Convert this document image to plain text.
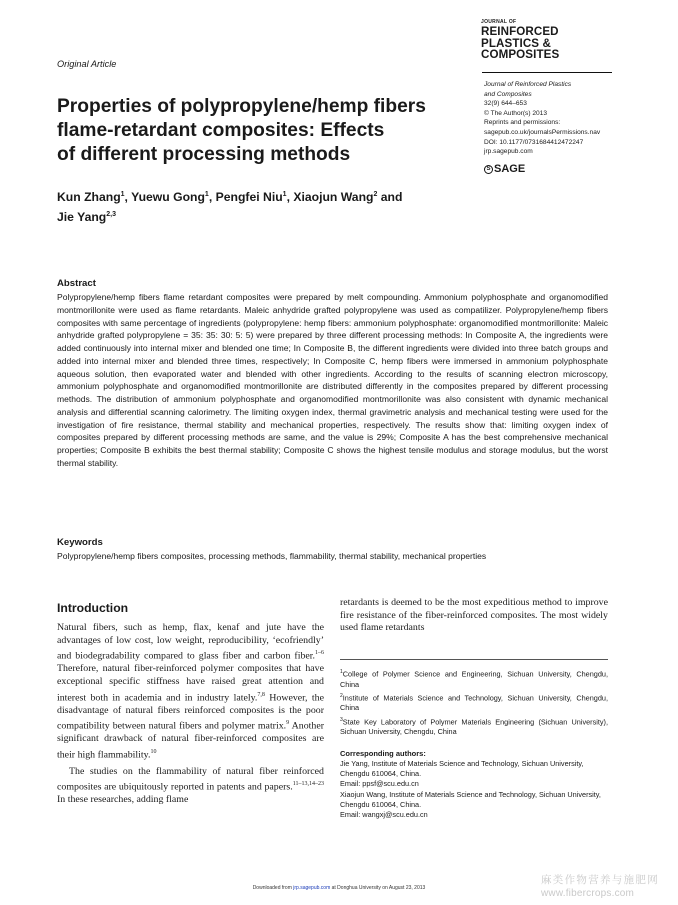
JOURNAL OF
REINFORCED
PLASTICS &
COMPOSITES
Journal of Reinforced Plastics
and Composites
32(9) 644–653
© The Author(s) 2013
Reprints and permissions:
sagepub.co.uk/journalsPermissions.nav
DOI: 10.1177/0731684412472247
jrp.sagepub.com
S SAGE
Original Article
Properties of polypropylene/hemp fibers
flame-retardant composites: Effects
of different processing methods
Kun Zhang$^1$, Yuewu Gong$^1$, Pengfei Niu$^1$, Xiaojun Wang$^2$ and
Jie Yang$^{2,3}$
Abstract
Polypropylene/hemp fibers flame retardant composites were prepared by melt compounding. Ammonium polyphosphate and organomodified montmorillonite were used as flame retardants. Maleic anhydride grafted polypropylene was used as compatilizer. Polypropylene/hemp fibers composites with same percentage of ingredients (polypropylene: hemp fibers: ammonium polyphosphate: organomodified montmorillonite: Maleic anhydride grafted polypropylene = 35: 35: 30: 5: 5) were prepared by three different processing methods: In Composite A, the ingredients were added continuously into internal mixer and blended one time; In Composite B, the different ingredients were divided into three batch groups and added into internal mixer and blended three times, respectively; In Composite C, hemp fibers were immersed in ammonium polyphosphate aqueous solution, then evaporated water and blended with other ingredients. According to the results of scanning electron microscopy, ammonium polyphosphate and organomodified montmorillonite are distributed differently in the composites prepared by different processing methods. The distribution of ammonium polyphosphate and organomodified montmorillonite was also consistent with dynamic mechanical analysis and differential scanning calorimetry. The limiting oxygen index, thermal gravimetric analysis and mechanical testing were used for the investigation of fire resistance, thermal stability and mechanical properties, respectively. The results show that: limiting oxygen index of composites prepared by different processing methods are same, and the value is 29%; Composite A has the best comprehensive mechanical properties; Composite B exhibits the best thermal stability; Composite C shows the highest tensile modulus and storage modulus, but the worst thermal stability.
Keywords
Polypropylene/hemp fibers composites, processing methods, flammability, thermal stability, mechanical properties
Introduction

Natural fibers, such as hemp, flax, kenaf and jute have the advantages of low cost, low weight, reproducibility, ‘ecofriendly’ and biodegradability compared to glass fiber and carbon fiber.$^{1-6}$ Therefore, natural fiber-reinforced polymer composites that have exceptional specific stiffness have raised great attention and interest both in academia and in industry lately.$^{7,8}$ However, the disadvantage of natural fibers reinforced composites is the poor compatibility between natural fibers and polymer matrix.$^9$ Another significant drawback of natural fiber-reinforced composites are their high flammability.$^{10}$

The studies on the flammability of natural fiber reinforced composites are ubiquitously reported in patents and papers.$^{11-13,14-23}$ In these researches, adding flame

retardants is deemed to be the most expeditious method to improve fire resistance of the fiber-reinforced composites. The most widely used flame retardants
$^1$College of Polymer Science and Engineering, Sichuan University, Chengdu, China
$^2$Institute of Materials Science and Technology, Sichuan University, Chengdu, China
$^3$State Key Laboratory of Polymer Materials Engineering (Sichuan University), Sichuan University, Chengdu, China
Corresponding authors:
Jie Yang, Institute of Materials Science and Technology, Sichuan University, Chengdu 610064, China.
Email: ppsf@scu.edu.cn
Xiaojun Wang, Institute of Materials Science and Technology, Sichuan University, Chengdu 610064, China.
Email: wangxj@scu.edu.cn
Downloaded from jrp.sagepub.com at Donghua University on August 23, 2013
麻类作物营养与施肥网
www.fibercrops.com
